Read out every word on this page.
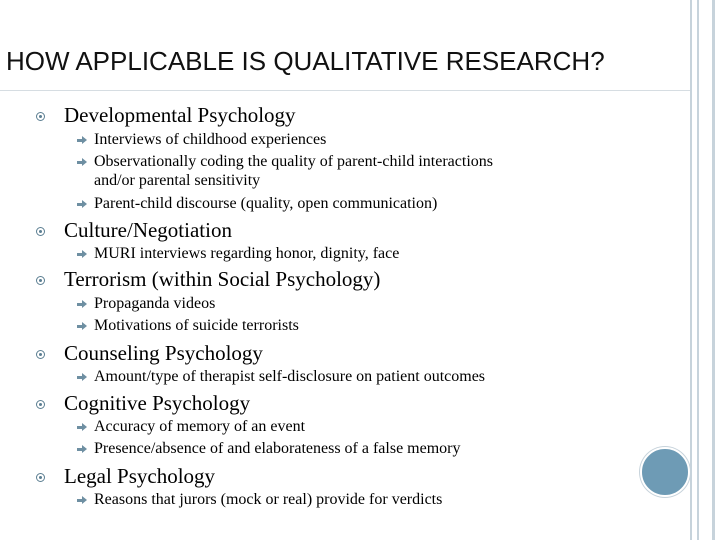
HOW APPLICABLE IS QUALITATIVE RESEARCH?
Developmental Psychology
Interviews of childhood experiences
Observationally coding the quality of parent-child interactions
and/or parental sensitivity
Parent-child discourse (quality, open communication)
Culture/Negotiation
MURI interviews regarding honor, dignity, face
Terrorism (within Social Psychology)
Propaganda videos
Motivations of suicide terrorists
Counseling Psychology
Amount/type of therapist self-disclosure on patient outcomes
Cognitive Psychology
Accuracy of memory of an event
Presence/absence of and elaborateness of a false memory
Legal Psychology
Reasons that jurors (mock or real) provide for verdicts
